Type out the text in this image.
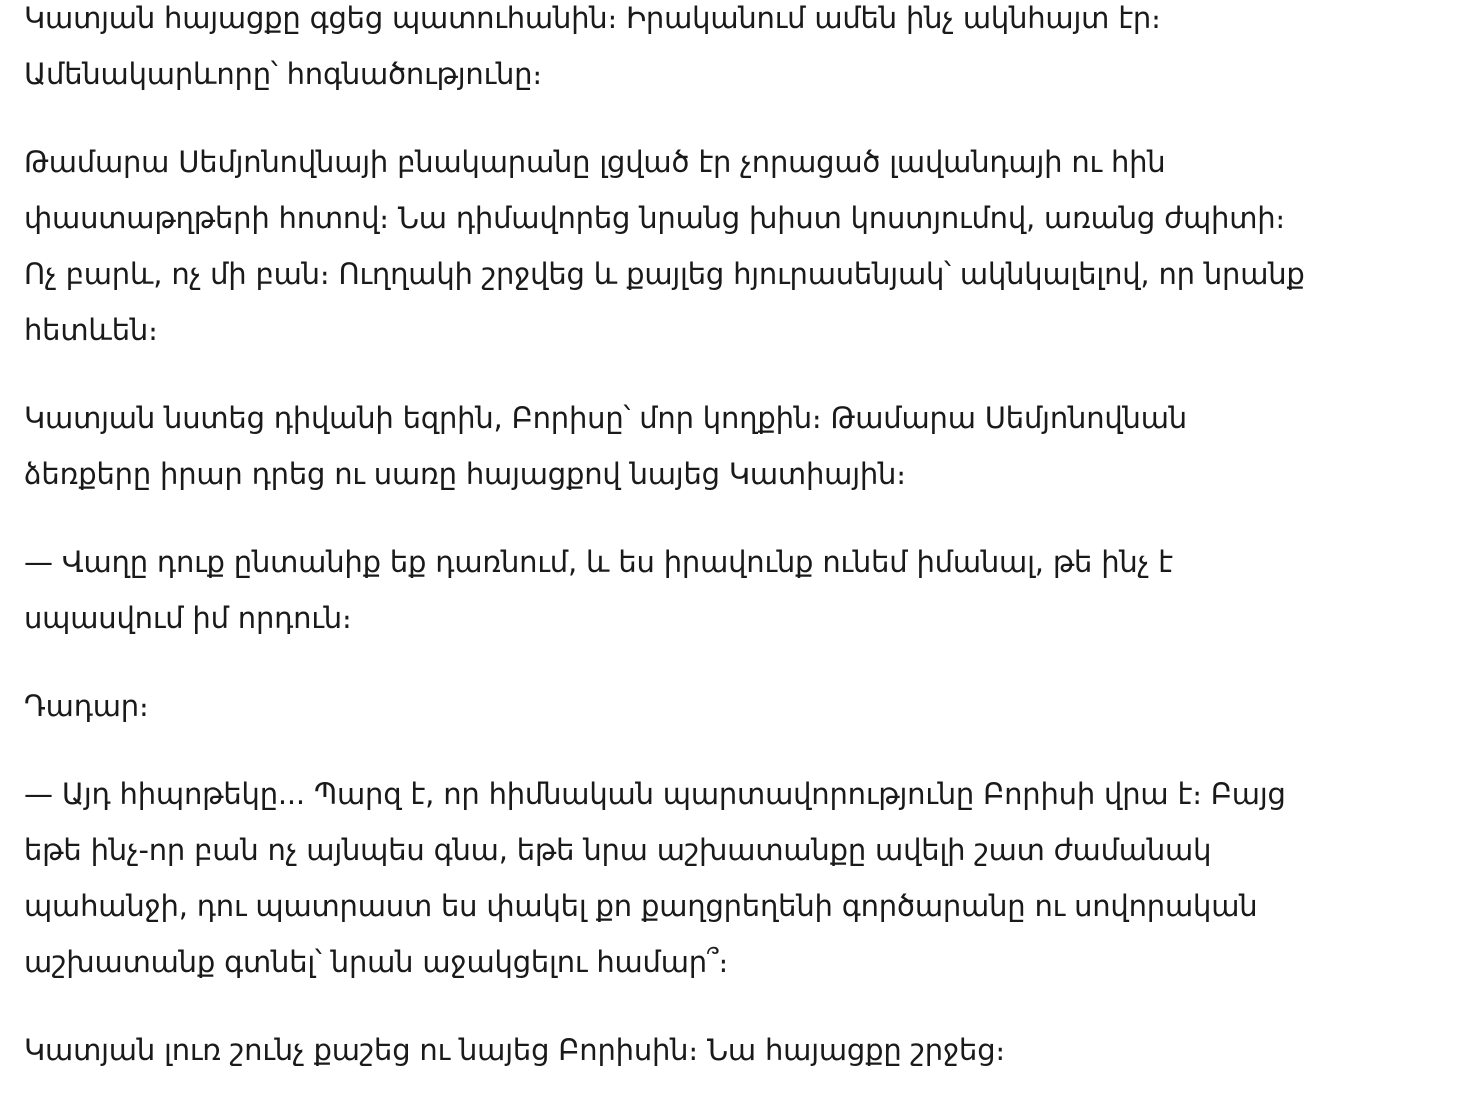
Կատյան հայացքը գցեց պատուհանին։ Իրականում ամեն ինչ ակնհայտ էր։ Ամենակարևորը՝ հոգնածությունը։

Թամարա Սեմյոնովնայի բնակարանը լցված էր չորացած լավանդայի ու հին փաստաթղթերի հոտով։ Նա դիմավորեց նրանց խիստ կոստյումով, առանց ժպիտի։ Ոչ բարև, ոչ մի բան։ Ուղղակի շրջվեց և քայլեց հյուրասենյակ՝ ակնկալելով, որ նրանք հետևեն։

Կատյան նստեց դիվանի եզրին, Բորիսը՝ մոր կողքին։ Թամարա Սեմյոնովնան ձեռքերը իրար դրեց ու սառը հայացքով նայեց Կատիային։

— Վաղը դուք ընտանիք եք դառնում, և ես իրավունք ունեմ իմանալ, թե ինչ է սպասվում իմ որդուն։

Դադար։

— Այդ հիպոթեկը... Պարզ է, որ հիմնական պարտավորությունը Բորիսի վրա է։ Բայց եթե ինչ-որ բան ոչ այնպես գնա, եթե նրա աշխատանքը ավելի շատ ժամանակ պահանջի, դու պատրաստ ես փակել քո քաղցրեղենի գործարանը ու սովորական աշխատանք գտնել՝ նրան աջակցելու համար՞։

Կատյան լուռ շունչ քաշեց ու նայեց Բորիսին։ Նա հայացքը շրջեց։
